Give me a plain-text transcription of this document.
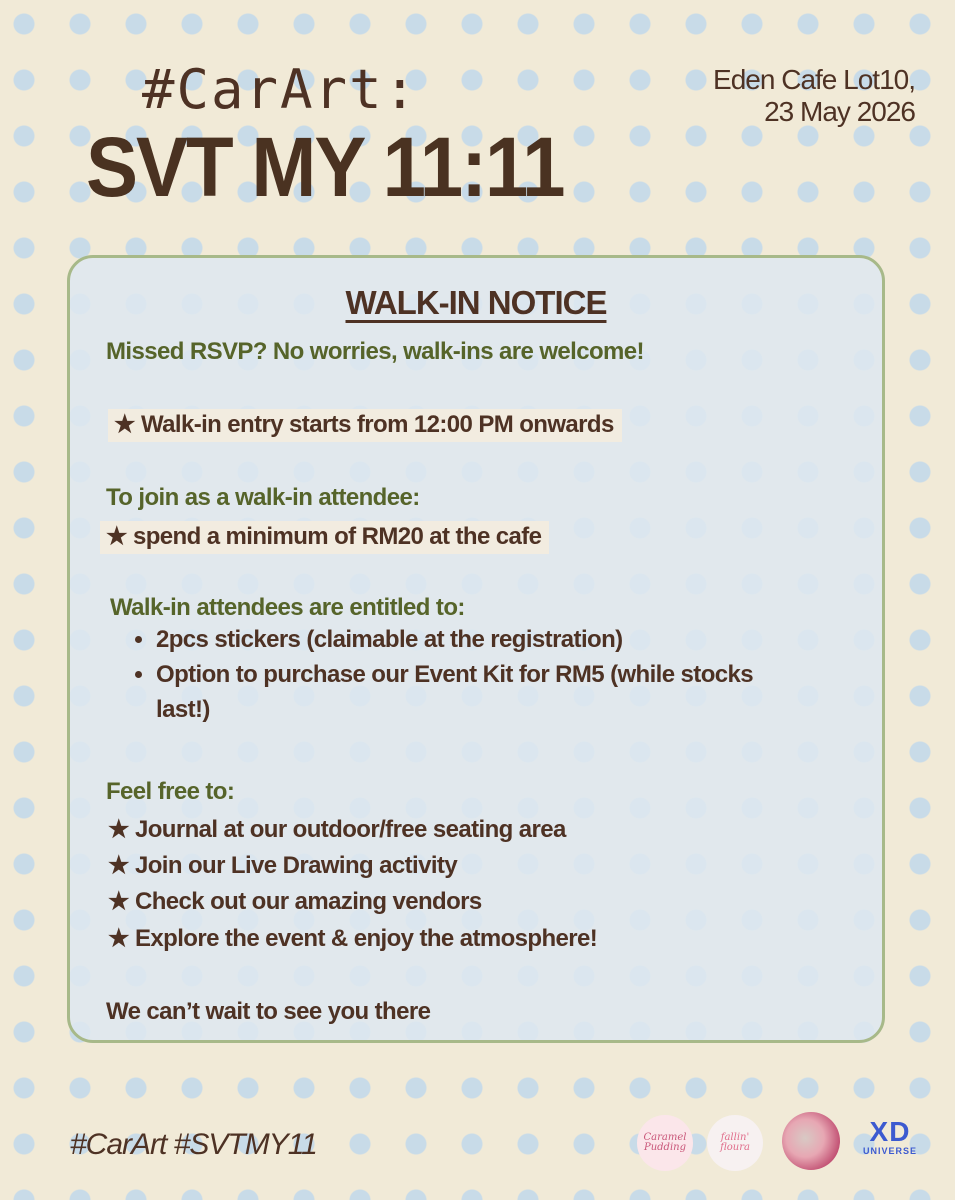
#CarArt:
SVT MY 11:11
Eden Cafe Lot10,
23 May 2026
WALK-IN NOTICE
Missed RSVP? No worries, walk-ins are welcome!
★ Walk-in entry starts from 12:00 PM onwards
To join as a walk-in attendee:
★ spend a minimum of RM20 at the cafe
Walk-in attendees are entitled to:
• 2pcs stickers (claimable at the registration)
• Option to purchase our Event Kit for RM5 (while stocks last!)
Feel free to:
★ Journal at our outdoor/free seating area
★ Join our Live Drawing activity
★ Check out our amazing vendors
★ Explore the event & enjoy the atmosphere!
We can’t wait to see you there
#CarArt #SVTMY11	Caramel
Pudding
fallin'
floura
XD
UNIVERSE
